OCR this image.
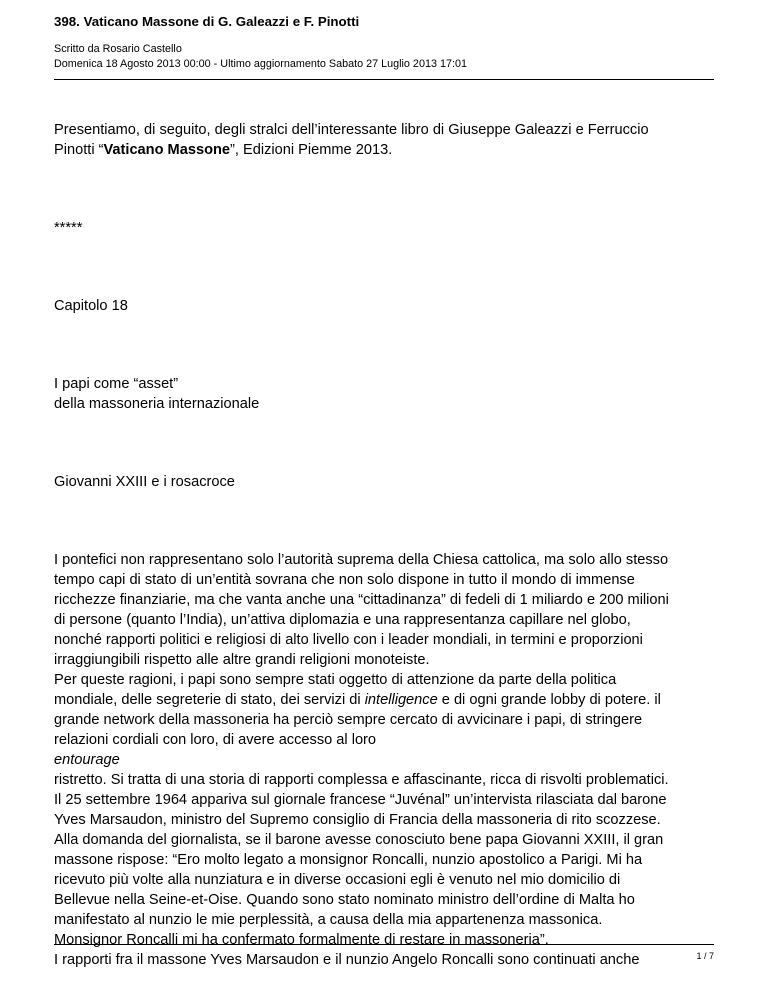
398. Vaticano Massone di G. Galeazzi e F. Pinotti
Scritto da Rosario Castello
Domenica 18 Agosto 2013 00:00 - Ultimo aggiornamento Sabato 27 Luglio 2013 17:01

Presentiamo, di seguito, degli stralci dell’interessante libro di Giuseppe Galeazzi e Ferruccio
Pinotti “Vaticano Massone”, Edizioni Piemme 2013.

*****

Capitolo 18

I papi come “asset”
della massoneria internazionale

Giovanni XXIII e i rosacroce

I pontefici non rappresentano solo l’autorità suprema della Chiesa cattolica, ma solo allo stesso
tempo capi di stato di un’entità sovrana che non solo dispone in tutto il mondo di immense
ricchezze finanziarie, ma che vanta anche una “cittadinanza” di fedeli di 1 miliardo e 200 milioni
di persone (quanto l’India), un’attiva diplomazia e una rappresentanza capillare nel globo,
nonché rapporti politici e religiosi di alto livello con i leader mondiali, in termini e proporzioni
irraggiungibili rispetto alle altre grandi religioni monoteiste.
Per queste ragioni, i papi sono sempre stati oggetto di attenzione da parte della politica
mondiale, delle segreterie di stato, dei servizi di intelligence e di ogni grande lobby di potere. il
grande network della massoneria ha perciò sempre cercato di avvicinare i papi, di stringere
relazioni cordiali con loro, di avere accesso al loro
entourage
ristretto. Si tratta di una storia di rapporti complessa e affascinante, ricca di risvolti problematici.
Il 25 settembre 1964 appariva sul giornale francese “Juvénal” un’intervista rilasciata dal barone
Yves Marsaudon, ministro del Supremo consiglio di Francia della massoneria di rito scozzese.
Alla domanda del giornalista, se il barone avesse conosciuto bene papa Giovanni XXIII, il gran
massone rispose: “Ero molto legato a monsignor Roncalli, nunzio apostolico a Parigi. Mi ha
ricevuto più volte alla nunziatura e in diverse occasioni egli è venuto nel mio domicilio di
Bellevue nella Seine-et-Oise. Quando sono stato nominato ministro dell’ordine di Malta ho
manifestato al nunzio le mie perplessità, a causa della mia appartenenza massonica.
Monsignor Roncalli mi ha confermato formalmente di restare in massoneria”.
I rapporti fra il massone Yves Marsaudon e il nunzio Angelo Roncalli sono continuati anche	1 / 7
